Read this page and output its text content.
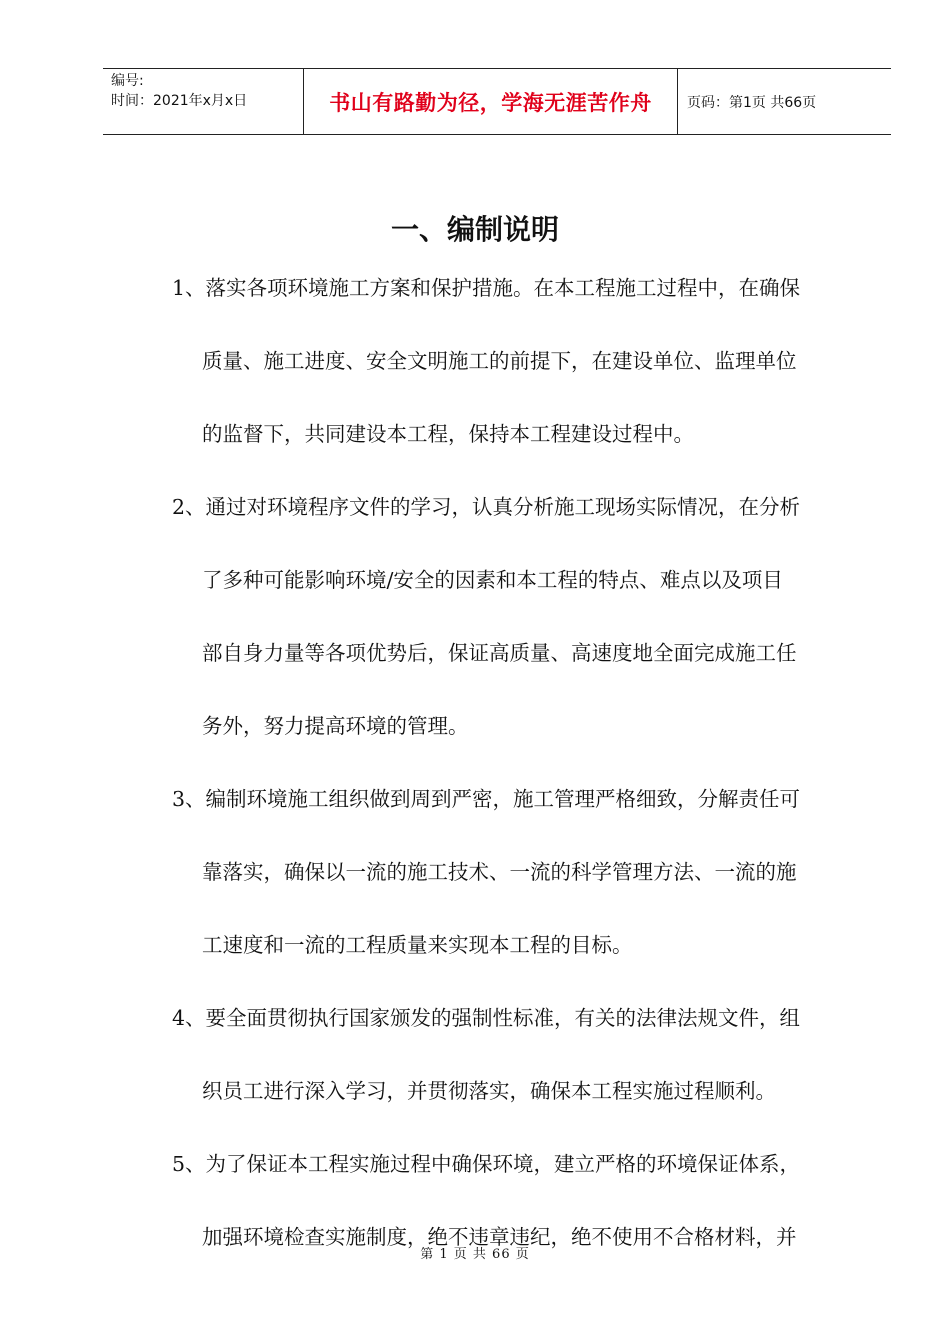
编号:
时间：2021年x月x日	书山有路勤为径，学海无涯苦作舟	页码：第1页 共66页
一、编制说明
1、落实各项环境施工方案和保护措施。在本工程施工过程中，在确保
质量、施工进度、安全文明施工的前提下，在建设单位、监理单位
的监督下，共同建设本工程，保持本工程建设过程中。
2、通过对环境程序文件的学习，认真分析施工现场实际情况，在分析
了多种可能影响环境/安全的因素和本工程的特点、难点以及项目
部自身力量等各项优势后，保证高质量、高速度地全面完成施工任
务外，努力提高环境的管理。
3、编制环境施工组织做到周到严密，施工管理严格细致，分解责任可
靠落实，确保以一流的施工技术、一流的科学管理方法、一流的施
工速度和一流的工程质量来实现本工程的目标。
4、要全面贯彻执行国家颁发的强制性标准，有关的法律法规文件，组
织员工进行深入学习，并贯彻落实，确保本工程实施过程顺利。
5、为了保证本工程实施过程中确保环境，建立严格的环境保证体系，
加强环境检查实施制度，绝不违章违纪，绝不使用不合格材料，并
第 1 页 共 66 页
